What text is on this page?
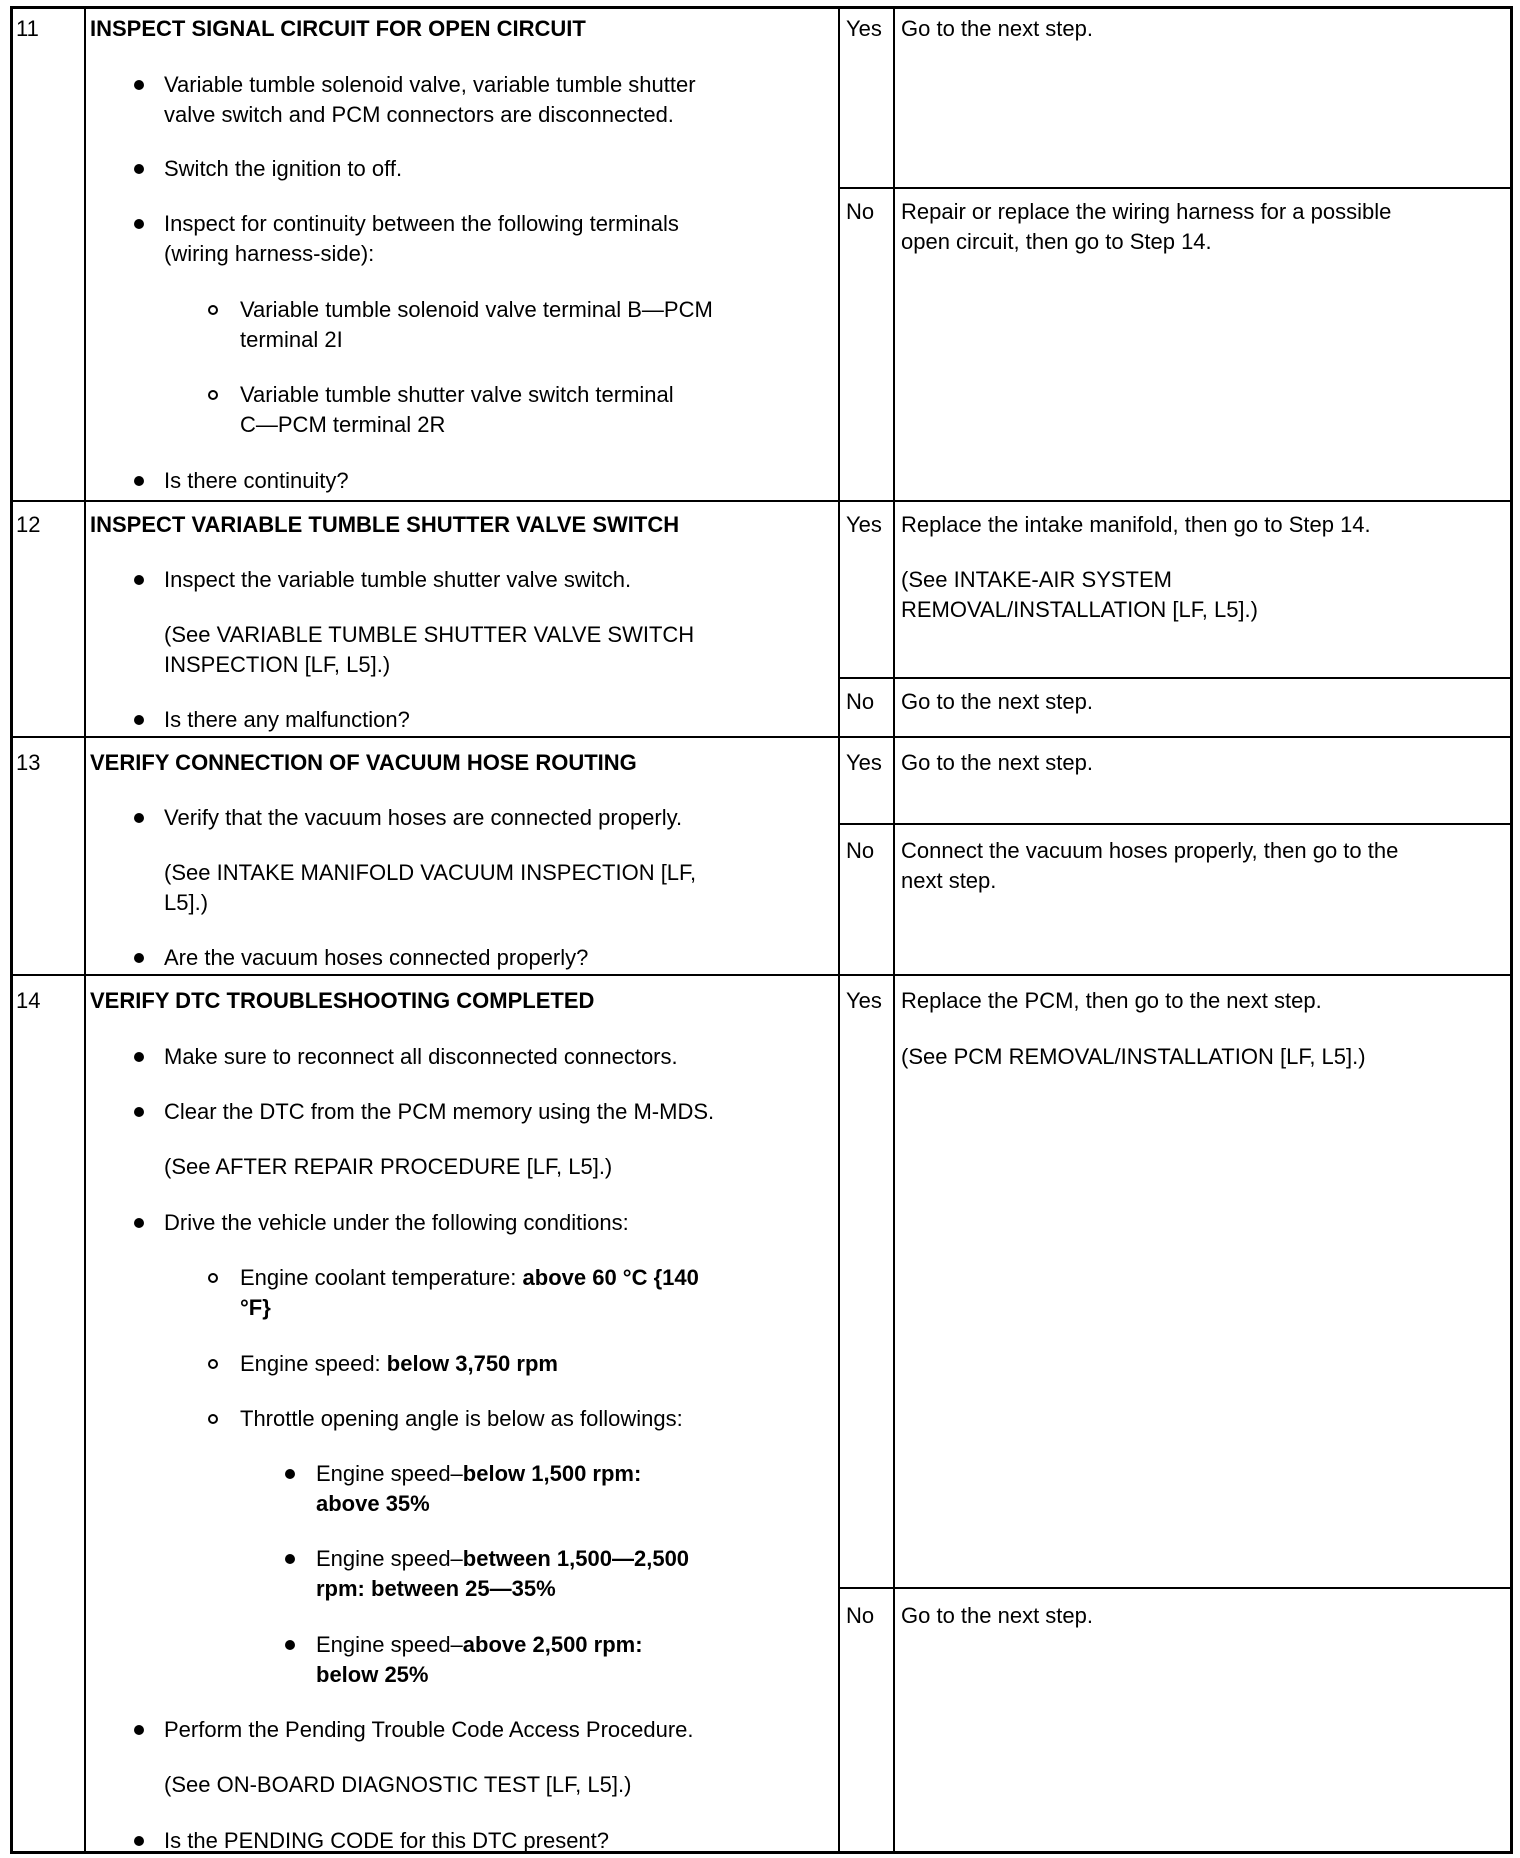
11 INSPECT SIGNAL CIRCUIT FOR OPEN CIRCUIT
Variable tumble solenoid valve, variable tumble shutter
valve switch and PCM connectors are disconnected.
Switch the ignition to off.
Inspect for continuity between the following terminals
(wiring harness-side):
Variable tumble solenoid valve terminal B—PCM
terminal 2I
Variable tumble shutter valve switch terminal
C—PCM terminal 2R
Is there continuity?
Yes Go to the next step.
No Repair or replace the wiring harness for a possible
open circuit, then go to Step 14.
12 INSPECT VARIABLE TUMBLE SHUTTER VALVE SWITCH
Inspect the variable tumble shutter valve switch.
(See VARIABLE TUMBLE SHUTTER VALVE SWITCH
INSPECTION [LF, L5].)
Is there any malfunction?
Yes Replace the intake manifold, then go to Step 14.
(See INTAKE-AIR SYSTEM
REMOVAL/INSTALLATION [LF, L5].)
No Go to the next step.
13 VERIFY CONNECTION OF VACUUM HOSE ROUTING
Verify that the vacuum hoses are connected properly.
(See INTAKE MANIFOLD VACUUM INSPECTION [LF,
L5].)
Are the vacuum hoses connected properly?
Yes Go to the next step.
No Connect the vacuum hoses properly, then go to the
next step.
14 VERIFY DTC TROUBLESHOOTING COMPLETED
Make sure to reconnect all disconnected connectors.
Clear the DTC from the PCM memory using the M-MDS.
(See AFTER REPAIR PROCEDURE [LF, L5].)
Drive the vehicle under the following conditions:
Engine coolant temperature: above 60 °C {140
°F}
Engine speed: below 3,750 rpm
Throttle opening angle is below as followings:
Engine speed–below 1,500 rpm:
above 35%
Engine speed–between 1,500—2,500
rpm: between 25—35%
Engine speed–above 2,500 rpm:
below 25%
Perform the Pending Trouble Code Access Procedure.
(See ON-BOARD DIAGNOSTIC TEST [LF, L5].)
Is the PENDING CODE for this DTC present?
Yes Replace the PCM, then go to the next step.
(See PCM REMOVAL/INSTALLATION [LF, L5].)
No Go to the next step.
